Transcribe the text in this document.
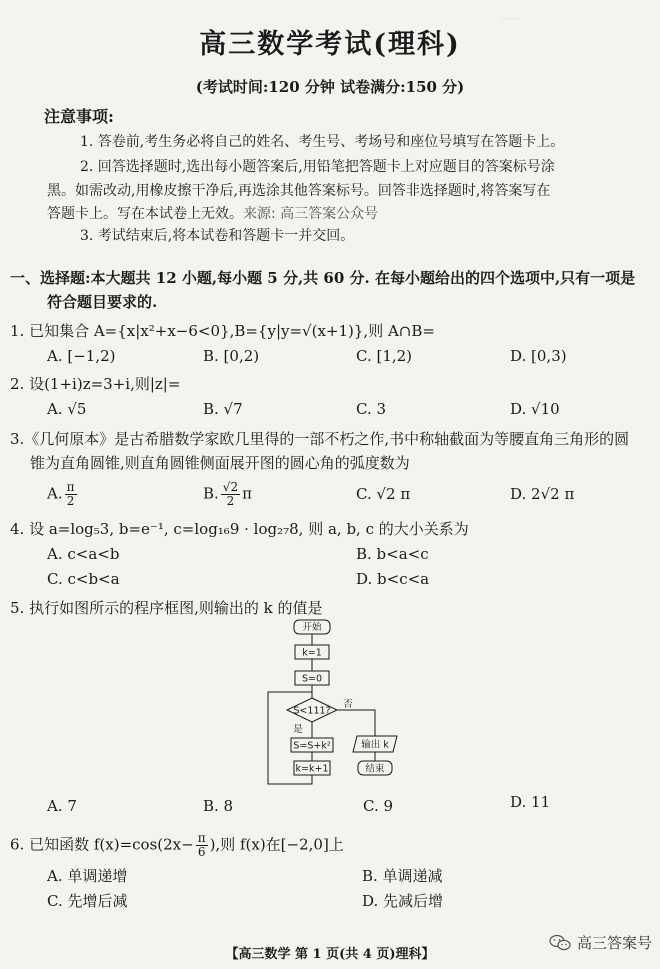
·····
高三数学考试(理科)
(考试时间:120 分钟 试卷满分:150 分)
注意事项:
1. 答卷前,考生务必将自己的姓名、考生号、考场号和座位号填写在答题卡上。
2. 回答选择题时,选出每小题答案后,用铅笔把答题卡上对应题目的答案标号涂
黑。如需改动,用橡皮擦干净后,再选涂其他答案标号。回答非选择题时,将答案写在
答题卡上。写在本试卷上无效。来源: 高三答案公众号
3. 考试结束后,将本试卷和答题卡一并交回。
一、选择题:本大题共 12 小题,每小题 5 分,共 60 分. 在每小题给出的四个选项中,只有一项是
符合题目要求的.
1. 已知集合 A={x|x²+x−6<0},B={y|y=√(x+1)},则 A∩B=
A. [−1,2)	B. [0,2)	C. [1,2)	D. [0,3)
2. 设(1+i)z=3+i,则|z|=
A. √5	B. √7	C. 3	D. √10
3.《几何原本》是古希腊数学家欧几里得的一部不朽之作,书中称轴截面为等腰直角三角形的圆
锥为直角圆锥,则直角圆锥侧面展开图的圆心角的弧度数为
A. $\frac{\pi}{2}$	B. $\frac{√2}{2}$ π	C. √2 π	D. 2√2 π
4. 设 a=log₅3, b=e⁻¹, c=log₁₆9 · log₂₇8, 则 a, b, c 的大小关系为
A. c<a<b	B. b<a<c
C. c<b<a	D. b<c<a
5. 执行如图所示的程序框图,则输出的 k 的值是
开始
k=1
S=0
S<111?
是
否
S=S+k²
k=k+1
输出 k
结束
A. 7	B. 8	C. 9	D. 11
6. 已知函数 $f(x)=\cos(2x- \frac{\pi}{6}$ ),则 f(x)在[−2,0]上
A. 单调递增	B. 单调递减
C. 先增后减	D. 先减后增
【高三数学 第 1 页(共 4 页)理科】
高三答案号
